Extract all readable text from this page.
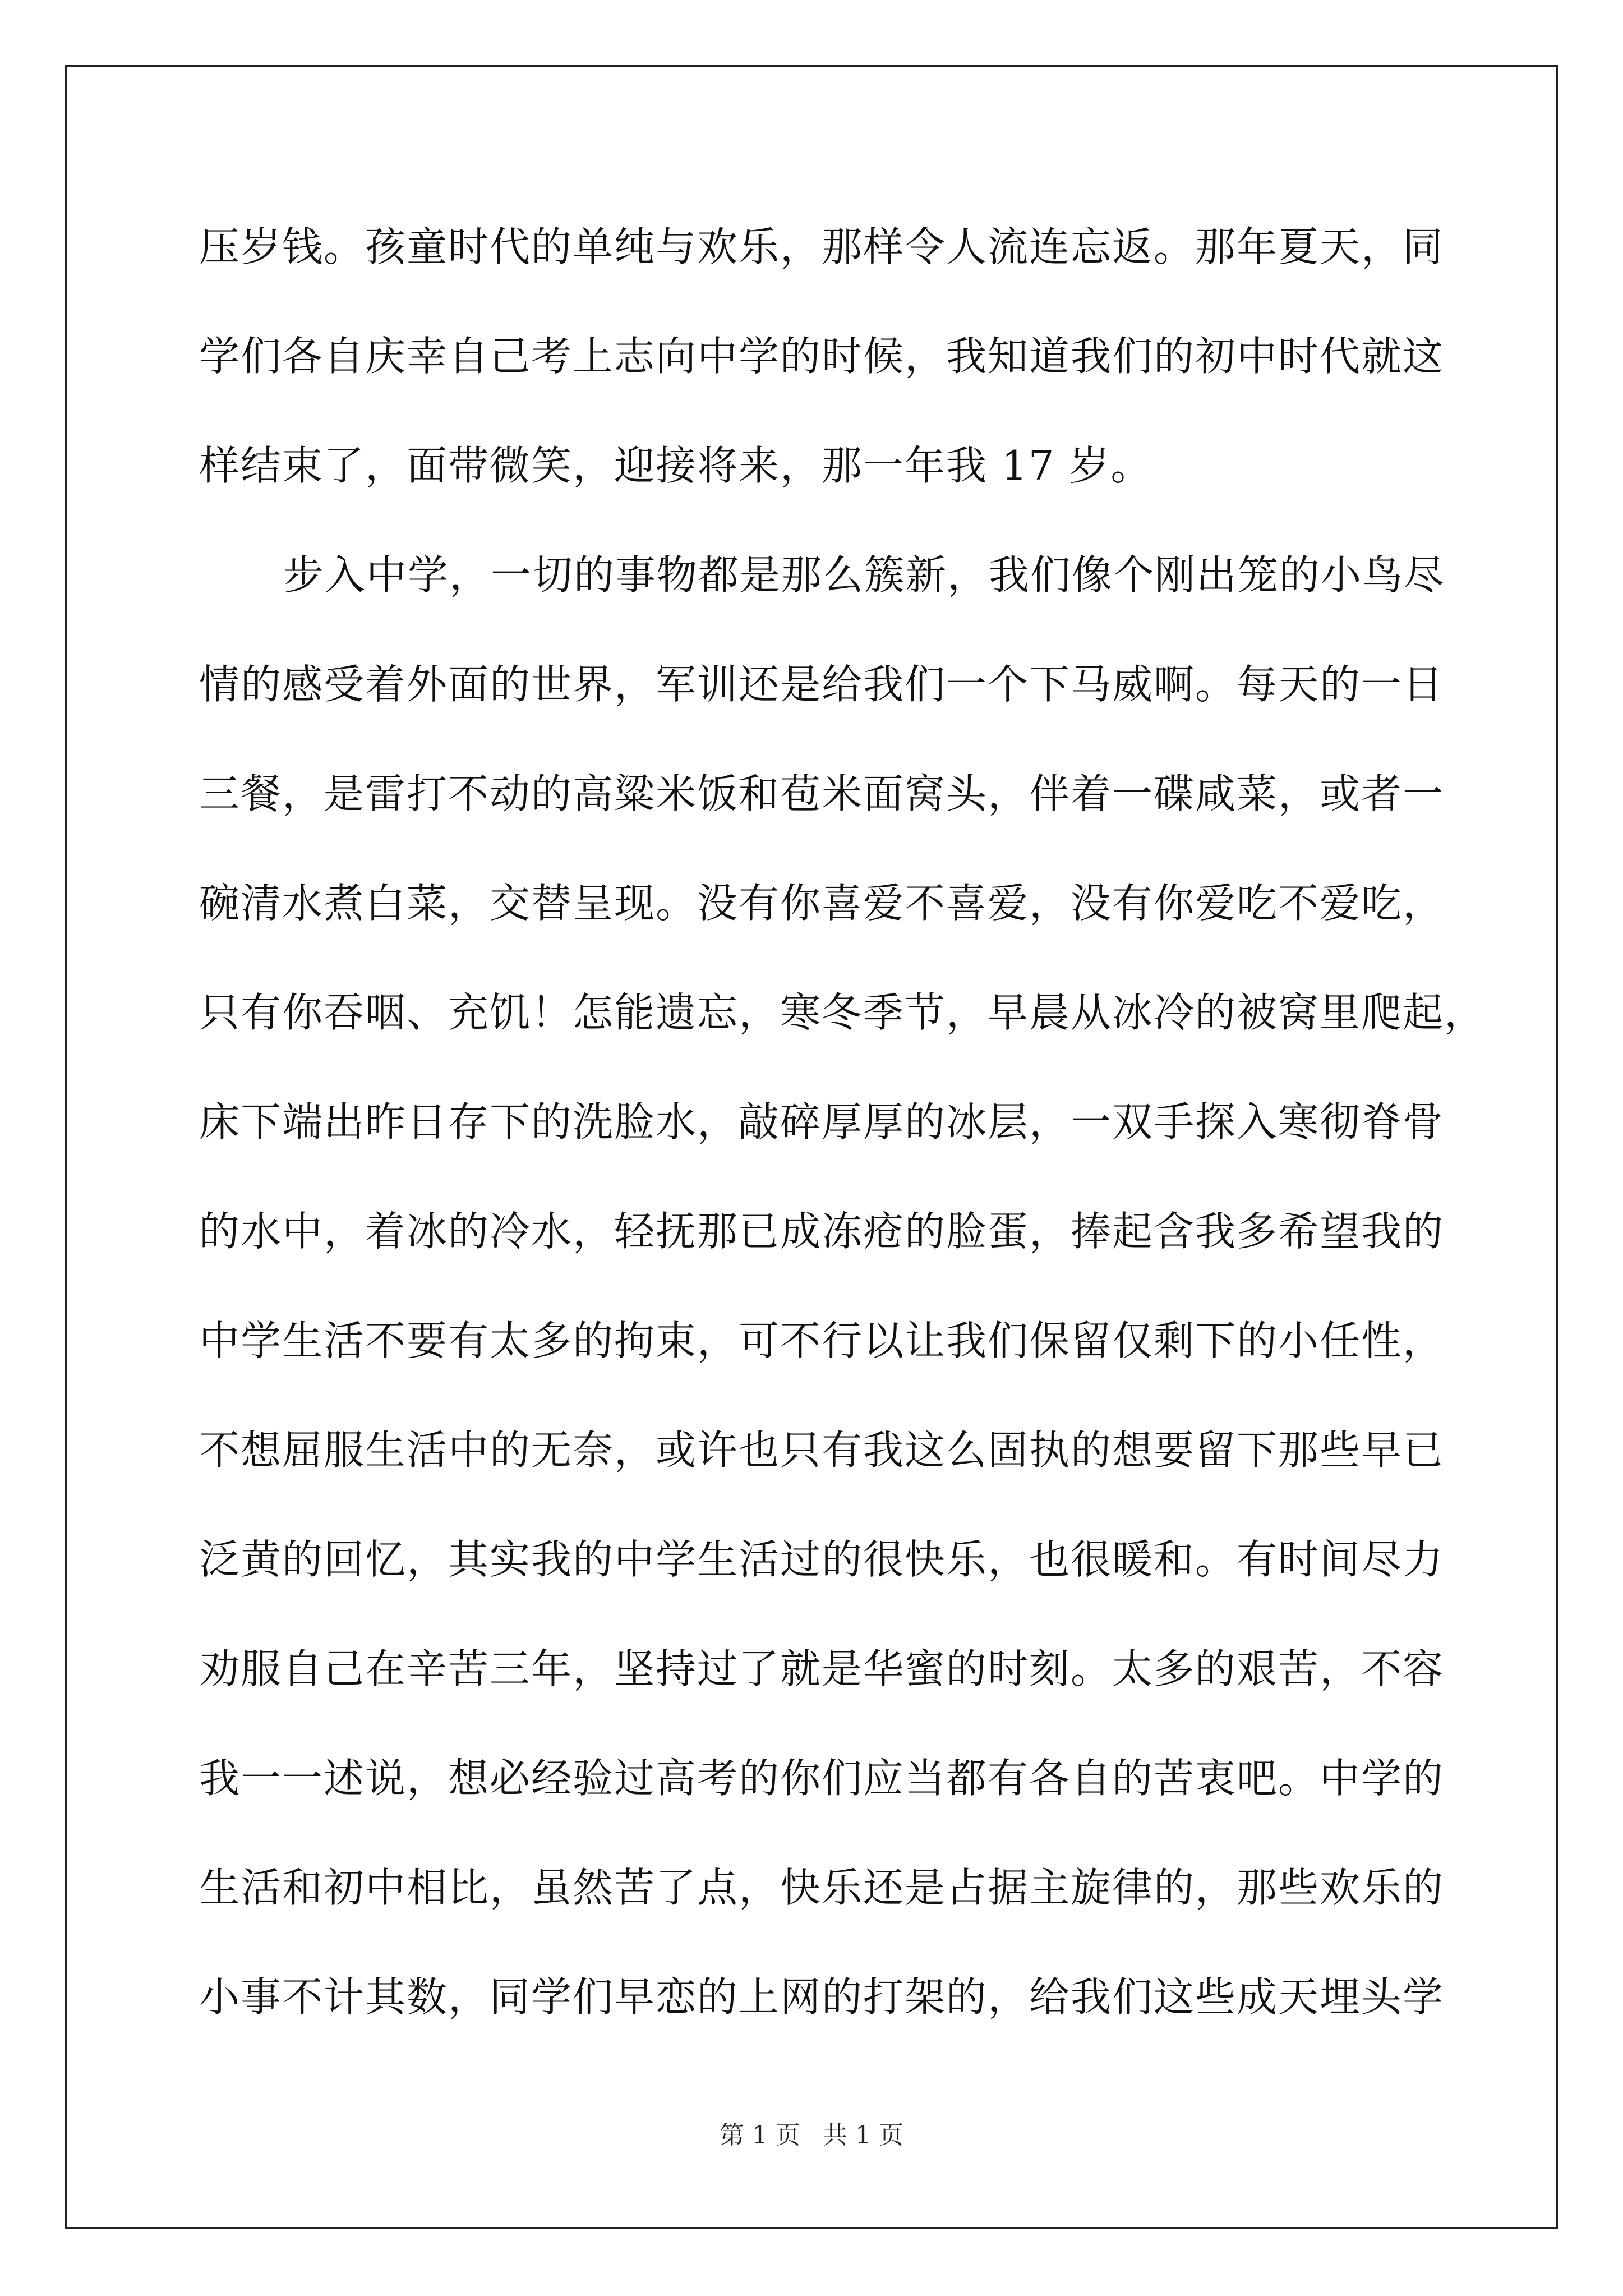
压岁钱。孩童时代的单纯与欢乐，那样令人流连忘返。那年夏天，同
学们各自庆幸自己考上志向中学的时候，我知道我们的初中时代就这
样结束了，面带微笑，迎接将来，那一年我 17 岁。
步入中学，一切的事物都是那么簇新，我们像个刚出笼的小鸟尽
情的感受着外面的世界，军训还是给我们一个下马威啊。每天的一日
三餐，是雷打不动的高粱米饭和苞米面窝头，伴着一碟咸菜，或者一
碗清水煮白菜，交替呈现。没有你喜爱不喜爱，没有你爱吃不爱吃，
只有你吞咽、充饥！怎能遗忘，寒冬季节，早晨从冰冷的被窝里爬起，
床下端出昨日存下的洗脸水，敲碎厚厚的冰层，一双手探入寒彻脊骨
的水中，着冰的冷水，轻抚那已成冻疮的脸蛋，捧起含我多希望我的
中学生活不要有太多的拘束，可不行以让我们保留仅剩下的小任性，
不想屈服生活中的无奈，或许也只有我这么固执的想要留下那些早已
泛黄的回忆，其实我的中学生活过的很快乐，也很暖和。有时间尽力
劝服自己在辛苦三年，坚持过了就是华蜜的时刻。太多的艰苦，不容
我一一述说，想必经验过高考的你们应当都有各自的苦衷吧。中学的
生活和初中相比，虽然苦了点，快乐还是占据主旋律的，那些欢乐的
小事不计其数，同学们早恋的上网的打架的，给我们这些成天埋头学
第 1 页 共 1 页
